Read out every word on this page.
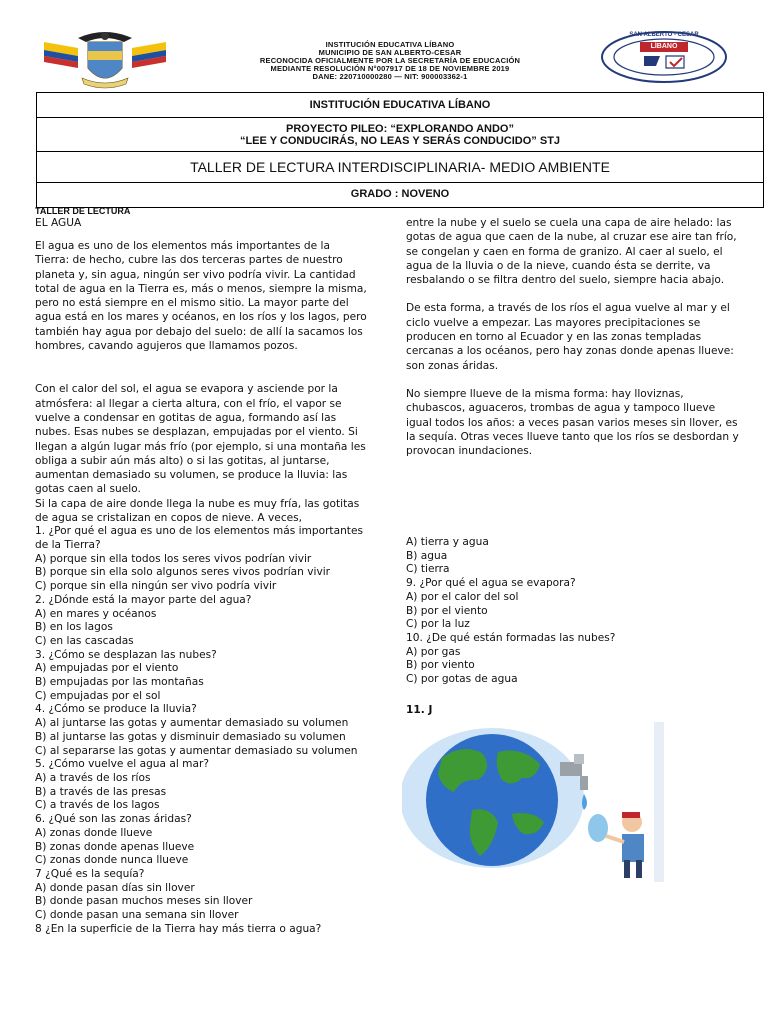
INSTITUCIÓN EDUCATIVA LÍBANO
MUNICIPIO DE SAN ALBERTO-CESAR
RECONOCIDA OFICIALMENTE POR LA SECRETARÍA DE EDUCACIÓN
MEDIANTE RESOLUCIÓN N°007917 DE 18 DE NOVIEMBRE 2019
DANE: 220710000280 — NIT: 900003362-1
SAN ALBERTO - CESAR
LÍBANO
INSTITUCIÓN EDUCATIVA LÍBANO
PROYECTO PILEO: “EXPLORANDO ANDO”
“LEE Y CONDUCIRÁS, NO LEAS Y SERÁS CONDUCIDO” STJ
TALLER DE LECTURA INTERDISCIPLINARIA- MEDIO AMBIENTE
GRADO : NOVENO
TALLER DE LECTURA
EL AGUA

El agua es uno de los elementos más importantes de la Tierra: de hecho, cubre las dos terceras partes de nuestro planeta y, sin agua, ningún ser vivo podría vivir. La cantidad total de agua en la Tierra es, más o menos, siempre la misma, pero no está siempre en el mismo sitio. La mayor parte del agua está en los mares y océanos, en los ríos y los lagos, pero también hay agua por debajo del suelo: de allí la sacamos los hombres, cavando agujeros que llamamos pozos.

Con el calor del sol, el agua se evapora y asciende por la atmósfera: al llegar a cierta altura, con el frío, el vapor se vuelve a condensar en gotitas de agua, formando así las nubes. Esas nubes se desplazan, empujadas por el viento. Si llegan a algún lugar más frío (por ejemplo, si una montaña les obliga a subir aún más alto) o si las gotitas, al juntarse, aumentan demasiado su volumen, se produce la lluvia: las gotas caen al suelo.

Si la capa de aire donde llega la nube es muy fría, las gotitas de agua se cristalizan en copos de nieve. A veces,

1. ¿Por qué el agua es uno de los elementos más importantes de la Tierra?
A) porque sin ella todos los seres vivos podrían vivir
B) porque sin ella solo algunos seres vivos podrían vivir
C) porque sin ella ningún ser vivo podría vivir
2. ¿Dónde está la mayor parte del agua?
A) en mares y océanos
B) en los lagos
C) en las cascadas
3. ¿Cómo se desplazan las nubes?
A) empujadas por el viento
B) empujadas por las montañas
C) empujadas por el sol
4. ¿Cómo se produce la lluvia?
A) al juntarse las gotas y aumentar demasiado su volumen
B) al juntarse las gotas y disminuir demasiado su volumen
C) al separarse las gotas y aumentar demasiado su volumen
5. ¿Cómo vuelve el agua al mar?
A) a través de los ríos
B) a través de las presas
C) a través de los lagos
6. ¿Qué son las zonas áridas?
A) zonas donde llueve
B) zonas donde apenas llueve
C) zonas donde nunca llueve
7 ¿Qué es la sequía?
A) donde pasan días sin llover
B) donde pasan muchos meses sin llover
C) donde pasan una semana sin llover
8 ¿En la superficie de la Tierra hay más tierra o agua?

entre la nube y el suelo se cuela una capa de aire helado: las gotas de agua que caen de la nube, al cruzar ese aire tan frío, se congelan y caen en forma de granizo. Al caer al suelo, el agua de la lluvia o de la nieve, cuando ésta se derrite, va resbalando o se filtra dentro del suelo, siempre hacia abajo.

De esta forma, a través de los ríos el agua vuelve al mar y el ciclo vuelve a empezar. Las mayores precipitaciones se producen en torno al Ecuador y en las zonas templadas cercanas a los océanos, pero hay zonas donde apenas llueve: son zonas áridas.

No siempre llueve de la misma forma: hay lloviznas, chubascos, aguaceros, trombas de agua y tampoco llueve igual todos los años: a veces pasan varios meses sin llover, es la sequía. Otras veces llueve tanto que los ríos se desbordan y provocan inundaciones.

A) tierra y agua
B) agua
C) tierra
9. ¿Por qué el agua se evapora?
A) por el calor del sol
B) por el viento
C) por la luz
10. ¿De qué están formadas las nubes?
A) por gas
B) por viento
C) por gotas de agua
11. J
